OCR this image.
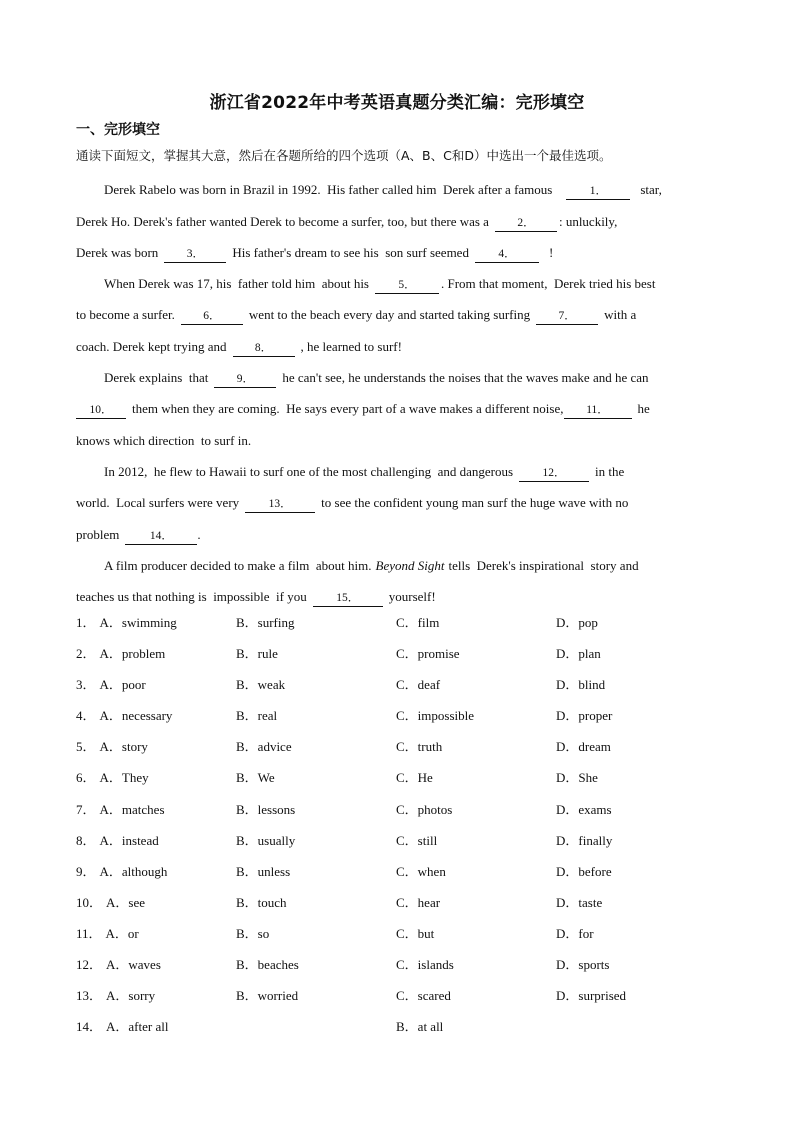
浙江省2022年中考英语真题分类汇编：完形填空
一、完形填空
通读下面短文，掌握其大意，然后在各题所给的四个选项（A、B、C和D）中选出一个最佳选项。
Derek Rabelo was born in Brazil in 1992.  His father called him  Derek after a famous	1．	star,
Derek Ho. Derek's father wanted Derek to become a surfer, too, but there was a	2．	: unluckily,
Derek was born	3．	His father's dream to see his  son surf seemed	4．	!
When Derek was 17, his  father told him  about his	5．	. From that moment,  Derek tried his best
to become a surfer.	6．	went to the beach every day and started taking surfing	7．	with a
coach. Derek kept trying and	8．	, he learned to surf!
Derek explains  that	9．	he can't see, he understands the noises that the waves make and he can
10．	them when they are coming.  He says every part of a wave makes a different noise,	11．	he
knows which direction  to surf in.
In 2012,  he flew to Hawaii to surf one of the most challenging  and dangerous	12．	in the
world.  Local surfers were very	13．	to see the confident young man surf the huge wave with no
problem	14．	.
A film producer decided to make a film  about him. Beyond Sight tells  Derek's inspirational  story and
teaches us that nothing is  impossible  if you	15．	yourself!
1． A．swimming	B．surfing	C．film	D．pop
2． A．problem	B．rule	C．promise	D．plan
3． A．poor	B．weak	C．deaf	D．blind
4． A．necessary	B．real	C．impossible	D．proper
5． A．story	B．advice	C．truth	D．dream
6． A．They	B．We	C．He	D．She
7． A．matches	B．lessons	C．photos	D．exams
8． A．instead	B．usually	C．still	D．finally
9． A．although	B．unless	C．when	D．before
10． A．see	B．touch	C．hear	D．taste
11． A．or	B．so	C．but	D．for
12． A．waves	B．beaches	C．islands	D．sports
13． A．sorry	B．worried	C．scared	D．surprised
14． A．after all	B．at all
